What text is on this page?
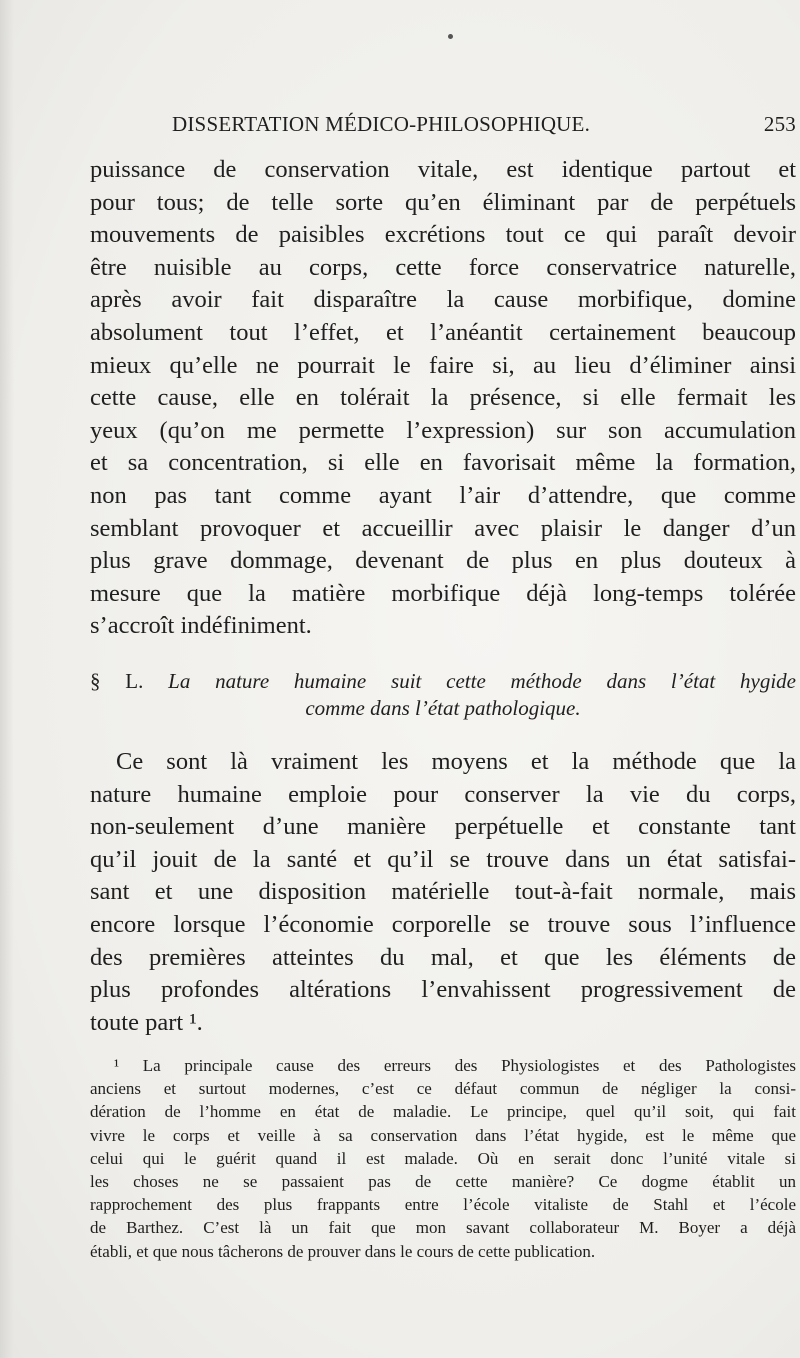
DISSERTATION MÉDICO-PHILOSOPHIQUE.	253
puissance de conservation vitale, est identique partout et
pour tous; de telle sorte qu’en éliminant par de perpétuels
mouvements de paisibles excrétions tout ce qui paraît devoir
être nuisible au corps, cette force conservatrice naturelle,
après avoir fait disparaître la cause morbifique, domine
absolument tout l’effet, et l’anéantit certainement beaucoup
mieux qu’elle ne pourrait le faire si, au lieu d’éliminer ainsi
cette cause, elle en tolérait la présence, si elle fermait les
yeux (qu’on me permette l’expression) sur son accumulation
et sa concentration, si elle en favorisait même la formation,
non pas tant comme ayant l’air d’attendre, que comme
semblant provoquer et accueillir avec plaisir le danger d’un
plus grave dommage, devenant de plus en plus douteux à
mesure que la matière morbifique déjà long-temps tolérée
s’accroît indéfiniment.
§ L. La nature humaine suit cette méthode dans l’état hygide
comme dans l’état pathologique.
Ce sont là vraiment les moyens et la méthode que la
nature humaine emploie pour conserver la vie du corps,
non-seulement d’une manière perpétuelle et constante tant
qu’il jouit de la santé et qu’il se trouve dans un état satisfai-
sant et une disposition matérielle tout-à-fait normale, mais
encore lorsque l’économie corporelle se trouve sous l’influence
des premières atteintes du mal, et que les éléments de
plus profondes altérations l’envahissent progressivement de
toute part ¹.
¹ La principale cause des erreurs des Physiologistes et des Pathologistes
anciens et surtout modernes, c’est ce défaut commun de négliger la consi-
dération de l’homme en état de maladie. Le principe, quel qu’il soit, qui fait
vivre le corps et veille à sa conservation dans l’état hygide, est le même que
celui qui le guérit quand il est malade. Où en serait donc l’unité vitale si
les choses ne se passaient pas de cette manière? Ce dogme établit un
rapprochement des plus frappants entre l’école vitaliste de Stahl et l’école
de Barthez. C’est là un fait que mon savant collaborateur M. Boyer a déjà
établi, et que nous tâcherons de prouver dans le cours de cette publication.
